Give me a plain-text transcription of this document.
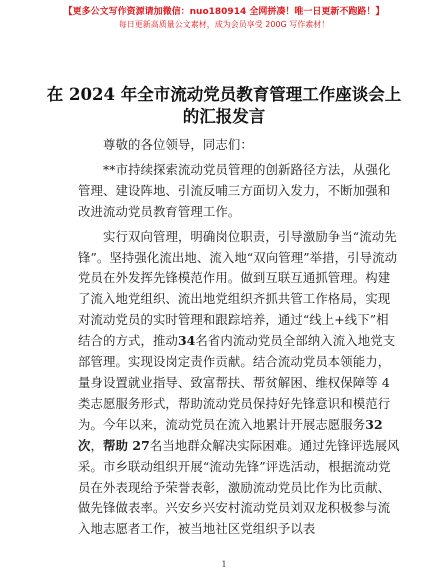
【更多公文写作资源请加微信：nuo180914 全网拼凑！唯一日更新不跑路！】
每日更新高质量公文素材，成为会员享受 200G 写作素材！
在 2024 年全市流动党员教育管理工作座谈会上
的汇报发言

尊敬的各位领导，同志们：

**市持续探索流动党员管理的创新路径方法，从强化管理、建设阵地、引流反哺三方面切入发力，不断加强和改进流动党员教育管理工作。

实行双向管理，明确岗位职责，引导激励争当“流动先锋”。坚持强化流出地、流入地“双向管理”举措，引导流动党员在外发挥先锋模范作用。做到互联互通抓管理。构建了流入地党组织、流出地党组织齐抓共管工作格局，实现对流动党员的实时管理和跟踪培养，通过“线上+线下”相结合的方式，推动34名省内流动党员全部纳入流入地党支部管理。实现设岗定责作贡献。结合流动党员本领能力，量身设置就业指导、致富帮扶、帮贫解困、维权保障等 4 类志愿服务形式，帮助流动党员保持好先锋意识和模范行为。今年以来，流动党员在流入地累计开展志愿服务32 次，帮助 27名当地群众解决实际困难。通过先锋评选展风采。市乡联动组织开展“流动先锋”评选活动，根据流动党员在外表现给予荣誉表彰，激励流动党员比作为比贡献、做先锋做表率。兴安乡兴安村流动党员刘双龙积极参与流入地志愿者工作，被当地社区党组织予以表

1
